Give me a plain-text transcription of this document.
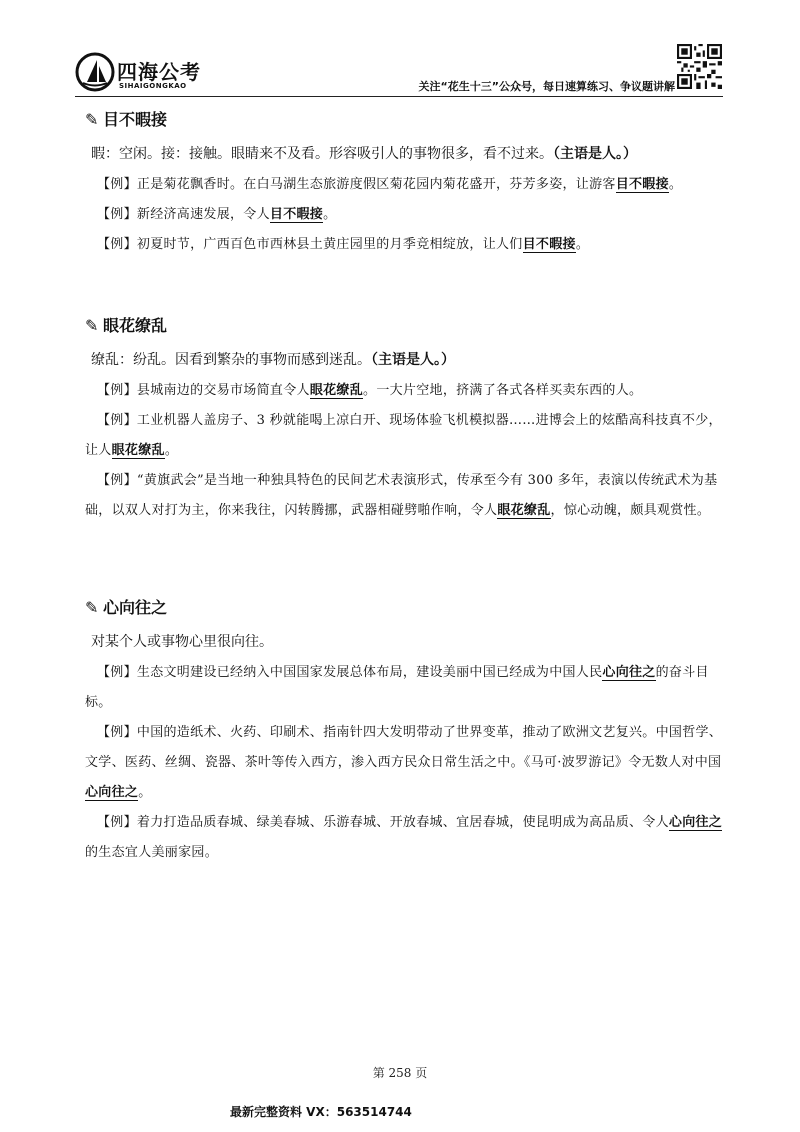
四海公考
SIHAIGONGKAO	关注“花生十三”公众号，每日速算练习、争议题讲解
✎ 目不暇接
暇：空闲。接：接触。眼睛来不及看。形容吸引人的事物很多，看不过来。（主语是人。）

【例】正是菊花飘香时。在白马湖生态旅游度假区菊花园内菊花盛开，芬芳多姿，让游客目不暇接。

【例】新经济高速发展，令人目不暇接。

【例】初夏时节，广西百色市西林县土黄庄园里的月季竞相绽放，让人们目不暇接。

✎ 眼花缭乱
缭乱：纷乱。因看到繁杂的事物而感到迷乱。（主语是人。）

【例】县城南边的交易市场简直令人眼花缭乱。一大片空地，挤满了各式各样买卖东西的人。

【例】工业机器人盖房子、3 秒就能喝上凉白开、现场体验飞机模拟器……进博会上的炫酷高科技真不少，让人眼花缭乱。

【例】“黄旗武会”是当地一种独具特色的民间艺术表演形式，传承至今有 300 多年，表演以传统武术为基础，以双人对打为主，你来我往，闪转腾挪，武器相碰劈啪作响，令人眼花缭乱，惊心动魄，颇具观赏性。

✎ 心向往之
对某个人或事物心里很向往。

【例】生态文明建设已经纳入中国国家发展总体布局，建设美丽中国已经成为中国人民心向往之的奋斗目标。

【例】中国的造纸术、火药、印刷术、指南针四大发明带动了世界变革，推动了欧洲文艺复兴。中国哲学、文学、医药、丝绸、瓷器、茶叶等传入西方，渗入西方民众日常生活之中。《马可·波罗游记》令无数人对中国心向往之。

【例】着力打造品质春城、绿美春城、乐游春城、开放春城、宜居春城，使昆明成为高品质、令人心向往之的生态宜人美丽家园。

第 258 页
最新完整资料 VX：563514744
